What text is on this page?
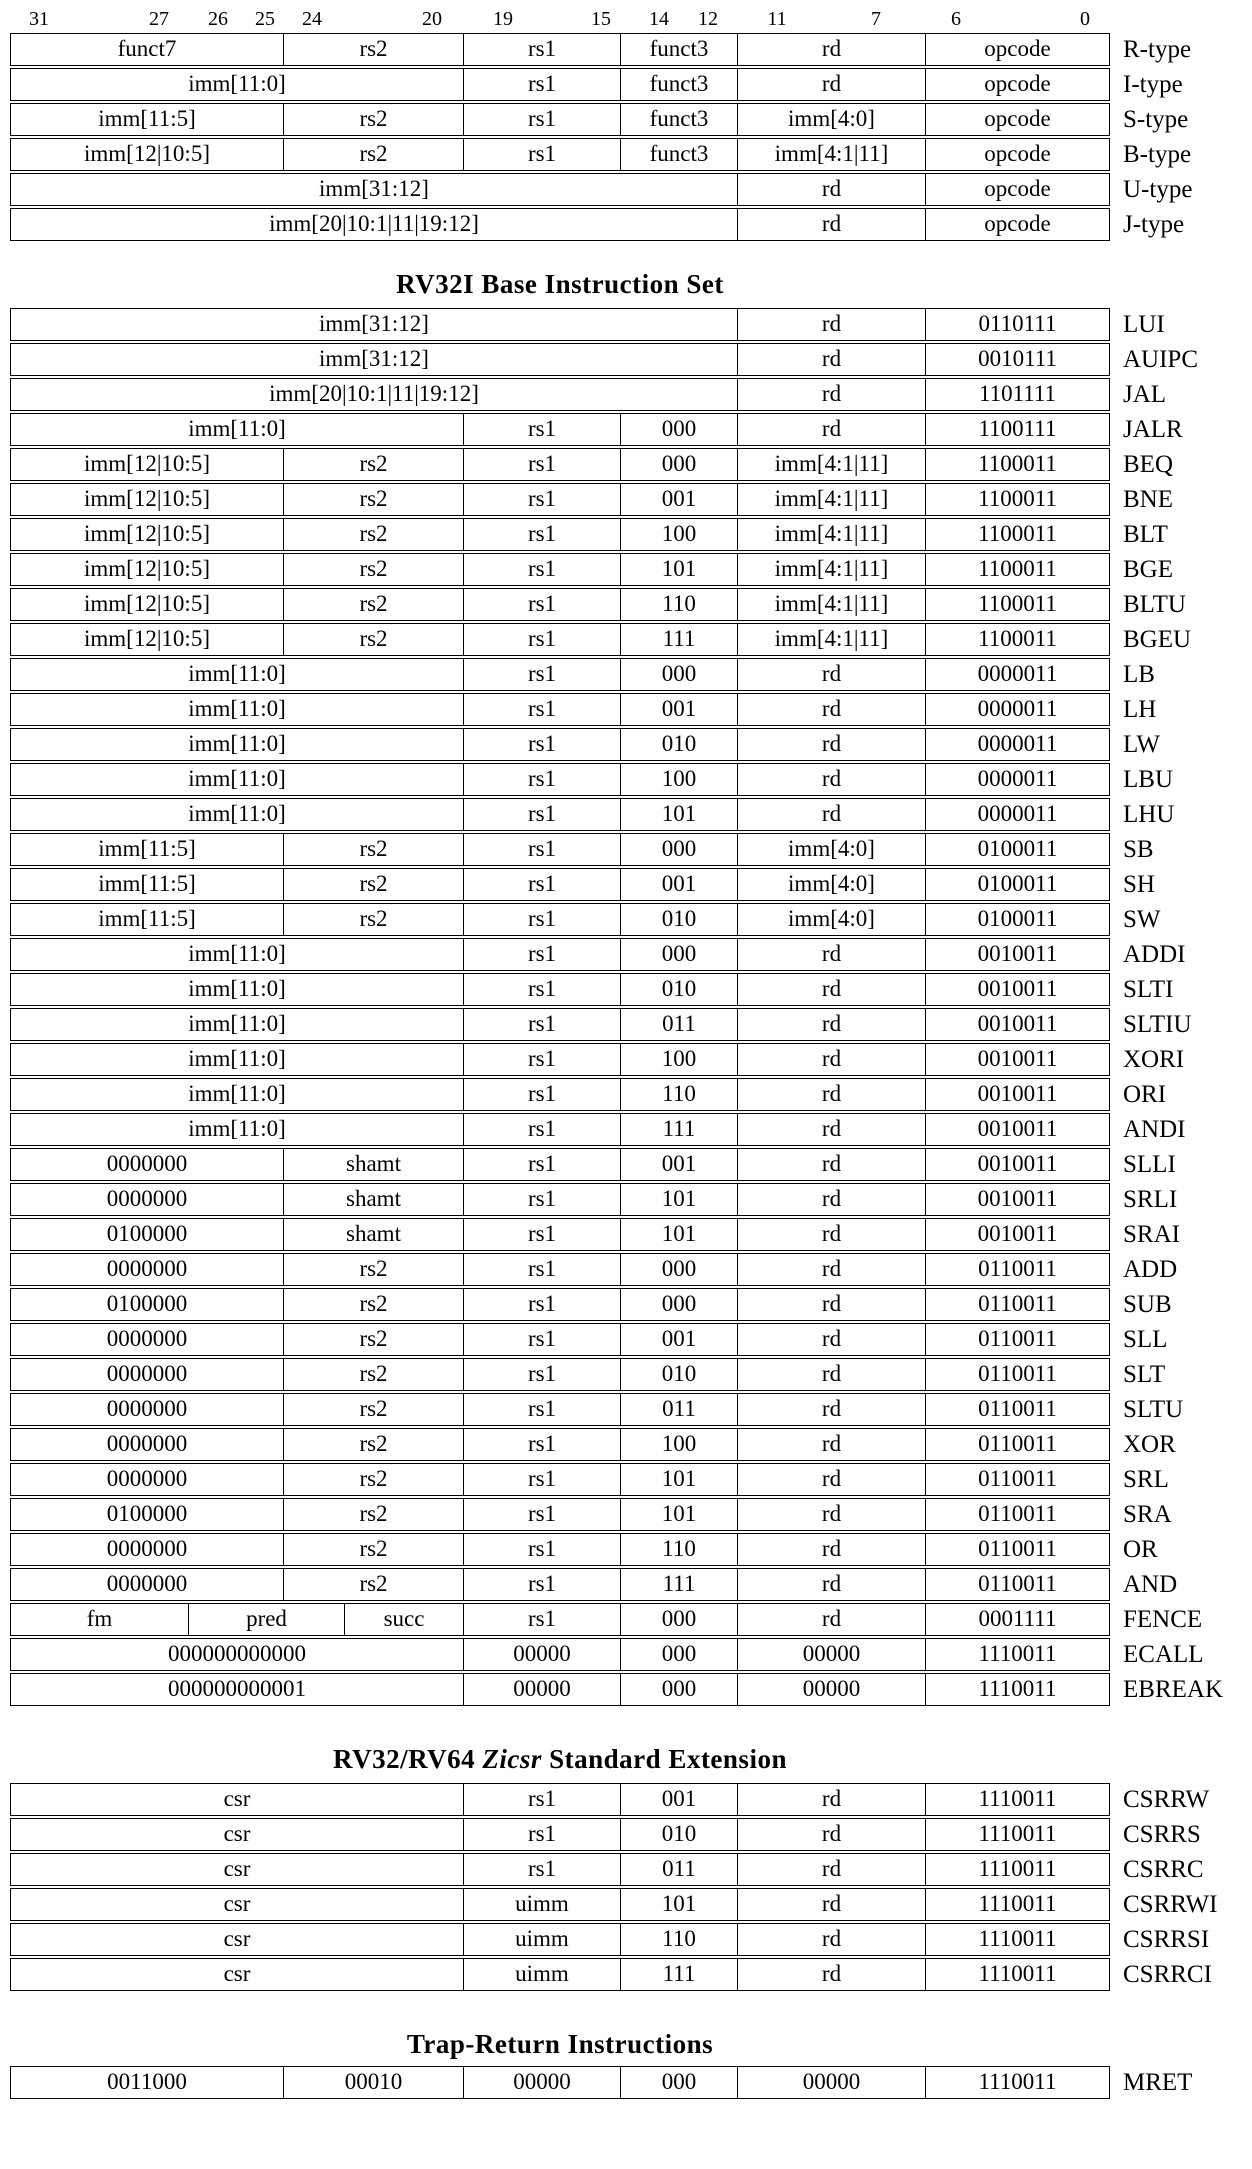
31	27 26 25 24	20	19	15 14 12 11	7	6	0
funct7	rs2	rs1	funct3	rd	opcode	R-type
imm[11:0]	rs1	funct3	rd	opcode	I-type
imm[11:5]	rs2	rs1	funct3	imm[4:0]	opcode	S-type
imm[12|10:5]	rs2	rs1	funct3	imm[4:1|11]	opcode	B-type
imm[31:12]	rd	opcode	U-type
imm[20|10:1|11|19:12]	rd	opcode	J-type
RV32I Base Instruction Set
imm[31:12]	rd	0110111	LUI
imm[31:12]	rd	0010111	AUIPC
imm[20|10:1|11|19:12]	rd	1101111	JAL
imm[11:0]	rs1	000	rd	1100111	JALR
imm[12|10:5]	rs2	rs1	000	imm[4:1|11]	1100011	BEQ
imm[12|10:5]	rs2	rs1	001	imm[4:1|11]	1100011	BNE
imm[12|10:5]	rs2	rs1	100	imm[4:1|11]	1100011	BLT
imm[12|10:5]	rs2	rs1	101	imm[4:1|11]	1100011	BGE
imm[12|10:5]	rs2	rs1	110	imm[4:1|11]	1100011	BLTU
imm[12|10:5]	rs2	rs1	111	imm[4:1|11]	1100011	BGEU
imm[11:0]	rs1	000	rd	0000011	LB
imm[11:0]	rs1	001	rd	0000011	LH
imm[11:0]	rs1	010	rd	0000011	LW
imm[11:0]	rs1	100	rd	0000011	LBU
imm[11:0]	rs1	101	rd	0000011	LHU
imm[11:5]	rs2	rs1	000	imm[4:0]	0100011	SB
imm[11:5]	rs2	rs1	001	imm[4:0]	0100011	SH
imm[11:5]	rs2	rs1	010	imm[4:0]	0100011	SW
imm[11:0]	rs1	000	rd	0010011	ADDI
imm[11:0]	rs1	010	rd	0010011	SLTI
imm[11:0]	rs1	011	rd	0010011	SLTIU
imm[11:0]	rs1	100	rd	0010011	XORI
imm[11:0]	rs1	110	rd	0010011	ORI
imm[11:0]	rs1	111	rd	0010011	ANDI
0000000	shamt	rs1	001	rd	0010011	SLLI
0000000	shamt	rs1	101	rd	0010011	SRLI
0100000	shamt	rs1	101	rd	0010011	SRAI
0000000	rs2	rs1	000	rd	0110011	ADD
0100000	rs2	rs1	000	rd	0110011	SUB
0000000	rs2	rs1	001	rd	0110011	SLL
0000000	rs2	rs1	010	rd	0110011	SLT
0000000	rs2	rs1	011	rd	0110011	SLTU
0000000	rs2	rs1	100	rd	0110011	XOR
0000000	rs2	rs1	101	rd	0110011	SRL
0100000	rs2	rs1	101	rd	0110011	SRA
0000000	rs2	rs1	110	rd	0110011	OR
0000000	rs2	rs1	111	rd	0110011	AND
fm	pred	succ	rs1	000	rd	0001111	FENCE
000000000000	00000	000	00000	1110011	ECALL
000000000001	00000	000	00000	1110011	EBREAK
RV32/RV64 Zicsr Standard Extension
csr	rs1	001	rd	1110011	CSRRW
csr	rs1	010	rd	1110011	CSRRS
csr	rs1	011	rd	1110011	CSRRC
csr	uimm	101	rd	1110011	CSRRWI
csr	uimm	110	rd	1110011	CSRRSI
csr	uimm	111	rd	1110011	CSRRCI
Trap-Return Instructions
0011000	00010	00000	000	00000	1110011	MRET
